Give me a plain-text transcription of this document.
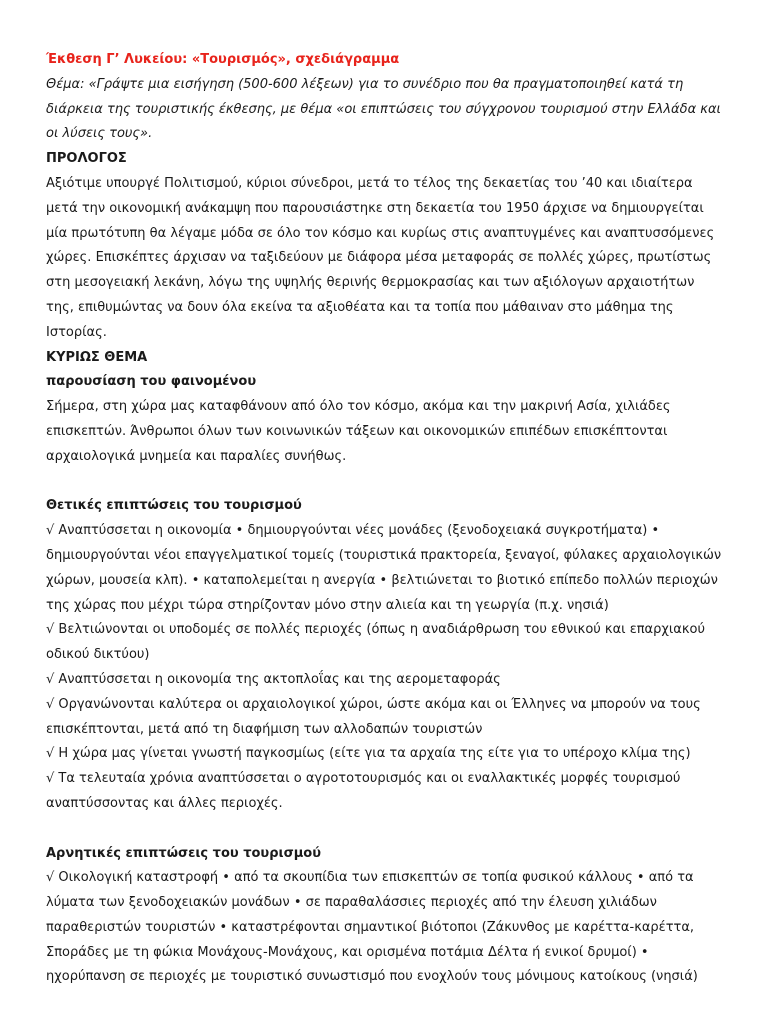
Έκθεση Γ’ Λυκείου: «Τουρισμός», σχεδιάγραμμα

Θέμα: «Γράψτε μια εισήγηση (500-600 λέξεων) για το συνέδριο που θα πραγματοποιηθεί κατά τη διάρκεια της τουριστικής έκθεσης, με θέμα «οι επιπτώσεις του σύγχρονου τουρισμού στην Ελλάδα και οι λύσεις τους».

ΠΡΟΛΟΓΟΣ

Αξιότιμε υπουργέ Πολιτισμού, κύριοι σύνεδροι, μετά το τέλος της δεκαετίας του ’40 και ιδιαίτερα μετά την οικονομική ανάκαμψη που παρουσιάστηκε στη δεκαετία του 1950 άρχισε να δημιουργείται μία πρωτότυπη θα λέγαμε μόδα σε όλο τον κόσμο και κυρίως στις αναπτυγμένες και αναπτυσσόμενες χώρες. Επισκέπτες άρχισαν να ταξιδεύουν με διάφορα μέσα μεταφοράς σε πολλές χώρες, πρωτίστως στη μεσογειακή λεκάνη, λόγω της υψηλής θερινής θερμοκρασίας και των αξιόλογων αρχαιοτήτων της, επιθυμώντας να δουν όλα εκείνα τα αξιοθέατα και τα τοπία που μάθαιναν στο μάθημα της Ιστορίας.

ΚΥΡΙΩΣ ΘΕΜΑ

παρουσίαση του φαινομένου

Σήμερα, στη χώρα μας καταφθάνουν από όλο τον κόσμο, ακόμα και την μακρινή Ασία, χιλιάδες επισκεπτών. Άνθρωποι όλων των κοινωνικών τάξεων και οικονομικών επιπέδων επισκέπτονται αρχαιολογικά μνημεία και παραλίες συνήθως.

Θετικές επιπτώσεις του τουρισμού

√ Αναπτύσσεται η οικονομία • δημιουργούνται νέες μονάδες (ξενοδοχειακά συγκροτήματα) • δημιουργούνται νέοι επαγγελματικοί τομείς (τουριστικά πρακτορεία, ξεναγοί, φύλακες αρχαιολογικών χώρων, μουσεία κλπ). • καταπολεμείται η ανεργία • βελτιώνεται το βιοτικό επίπεδο πολλών περιοχών της χώρας που μέχρι τώρα στηρίζονταν μόνο στην αλιεία και τη γεωργία (π.χ. νησιά)

√ Βελτιώνονται οι υποδομές σε πολλές περιοχές (όπως η αναδιάρθρωση του εθνικού και επαρχιακού οδικού δικτύου)

√ Αναπτύσσεται η οικονομία της ακτοπλοΐας και της αερομεταφοράς

√ Οργανώνονται καλύτερα οι αρχαιολογικοί χώροι, ώστε ακόμα και οι Έλληνες να μπορούν να τους επισκέπτονται, μετά από τη διαφήμιση των αλλοδαπών τουριστών

√ Η χώρα μας γίνεται γνωστή παγκοσμίως (είτε για τα αρχαία της είτε για το υπέροχο κλίμα της)

√ Τα τελευταία χρόνια αναπτύσσεται ο αγροτοτουρισμός και οι εναλλακτικές μορφές τουρισμού αναπτύσσοντας και άλλες περιοχές.

Αρνητικές επιπτώσεις του τουρισμού

√ Οικολογική καταστροφή • από τα σκουπίδια των επισκεπτών σε τοπία φυσικού κάλλους • από τα λύματα των ξενοδοχειακών μονάδων • σε παραθαλάσσιες περιοχές από την έλευση χιλιάδων παραθεριστών τουριστών • καταστρέφονται σημαντικοί βιότοποι (Ζάκυνθος με καρέττα-καρέττα, Σποράδες με τη φώκια Μονάχους-Μονάχους, και ορισμένα ποτάμια Δέλτα ή ενικοί δρυμοί) • ηχορύπανση σε περιοχές με τουριστικό συνωστισμό που ενοχλούν τους μόνιμους κατοίκους (νησιά)
